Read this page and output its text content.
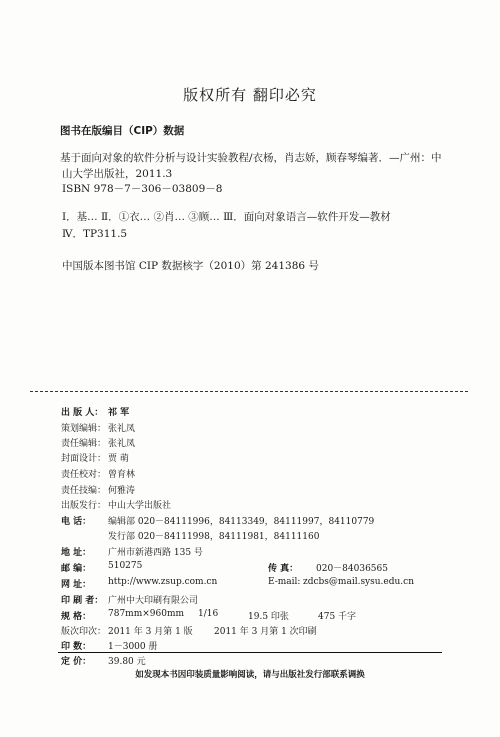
版权所有 翻印必究
图书在版编目（CIP）数据
基于面向对象的软件分析与设计实验教程/衣杨，肖志娇，顾春琴编著．—广州：中
山大学出版社，2011.3
ISBN 978－7－306－03809－8
Ⅰ．基… Ⅱ．①衣… ②肖… ③顾… Ⅲ．面向对象语言—软件开发—教材
Ⅳ．TP311.5
中国版本图书馆 CIP 数据核字（2010）第 241386 号
出 版 人： 祁 军
策划编辑： 张礼凤
责任编辑： 张礼凤
封面设计： 贾 萌
责任校对： 曾育林
责任技编： 何雅涛
出版发行： 中山大学出版社
电 话： 编辑部 020－84111996，84113349，84111997，84110779
发行部 020－84111998，84111981，84111160
地 址： 广州市新港西路 135 号
邮 编： 510275	传 真： 020－84036565
网 址： http://www.zsup.com.cn	E-mail: zdcbs@mail.sysu.edu.cn
印 刷 者： 广州中大印刷有限公司
规 格： 787mm×960mm 1/16	19.5 印张	475 千字
版次印次： 2011 年 3 月第 1 版 2011 年 3 月第 1 次印刷
印 数： 1－3000 册
定 价： 39.80 元
如发现本书因印装质量影响阅读，请与出版社发行部联系调换
